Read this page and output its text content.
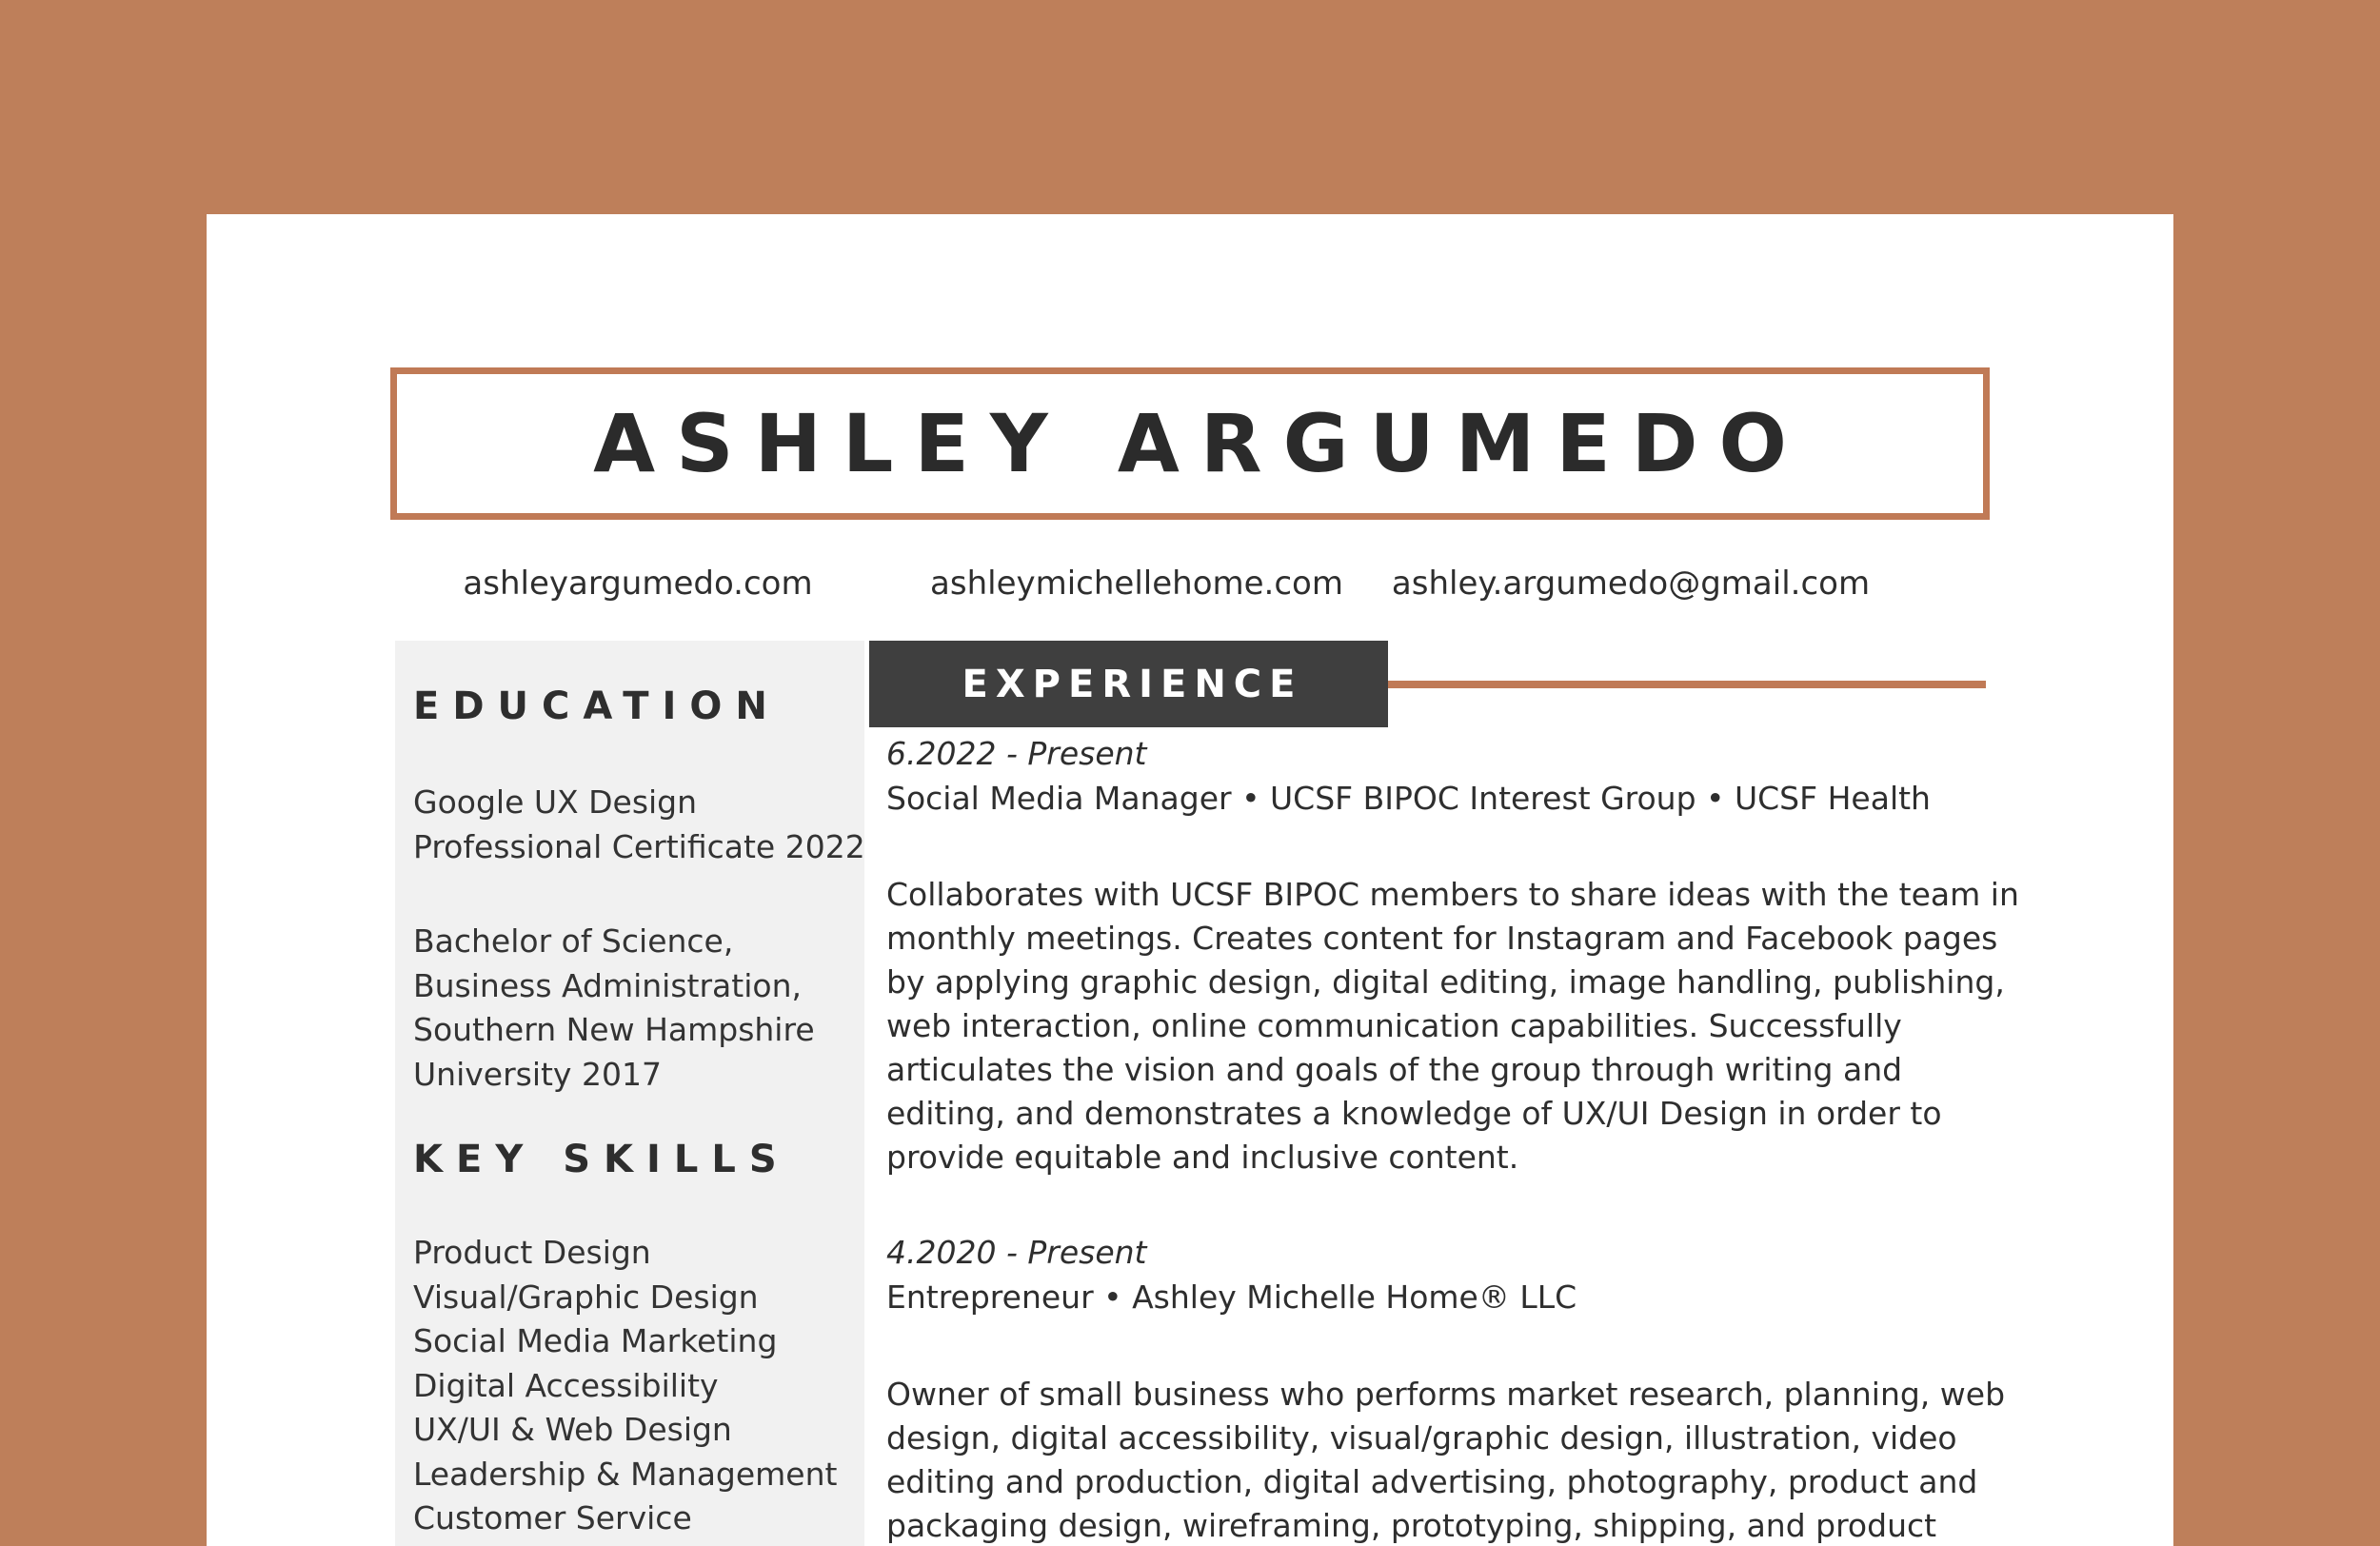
ASHLEY ARGUMEDO
ashleyargumedo.com	ashleymichellehome.com	ashley.argumedo@gmail.com
EDUCATION
Google UX Design
Professional Certificate 2022
EXPERIENCE
6.2022 - Present
Social Media Manager • UCSF BIPOC Interest Group • UCSF Health
Collaborates with UCSF BIPOC members to share ideas with the team in
monthly meetings. Creates content for Instagram and Facebook pages
by applying graphic design, digital editing, image handling, publishing,
web interaction, online communication capabilities. Successfully
articulates the vision and goals of the group through writing and
editing, and demonstrates a knowledge of UX/UI Design in order to
provide equitable and inclusive content.
4.2020 - Present
Entrepreneur • Ashley Michelle Home® LLC
Owner of small business who performs market research, planning, web
design, digital accessibility, visual/graphic design, illustration, video
editing and production, digital advertising, photography, product and
packaging design, wireframing, prototyping, shipping, and product
Bachelor of Science,
Business Administration,
Southern New Hampshire
University 2017
KEY SKILLS
Product Design
Visual/Graphic Design
Social Media Marketing
Digital Accessibility
UX/UI & Web Design
Leadership & Management
Customer Service
